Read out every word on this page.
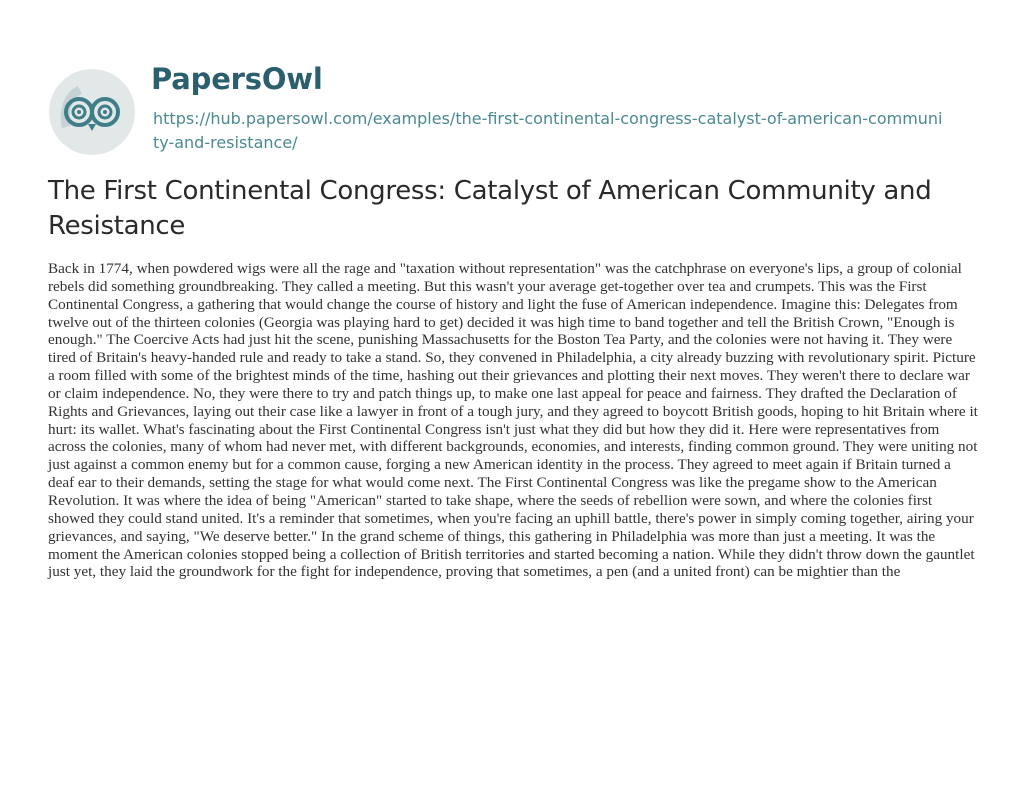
PapersOwl
https://hub.papersowl.com/examples/the-first-continental-congress-catalyst-of-american-community-and-resistance/
The First Continental Congress: Catalyst of American Community and Resistance

Back in 1774, when powdered wigs were all the rage and "taxation without representation" was the catchphrase on everyone's lips, a group of colonial rebels did something groundbreaking. They called a meeting. But this wasn't your average get-together over tea and crumpets. This was the First Continental Congress, a gathering that would change the course of history and light the fuse of American independence. Imagine this: Delegates from twelve out of the thirteen colonies (Georgia was playing hard to get) decided it was high time to band together and tell the British Crown, "Enough is enough." The Coercive Acts had just hit the scene, punishing Massachusetts for the Boston Tea Party, and the colonies were not having it. They were tired of Britain's heavy-handed rule and ready to take a stand. So, they convened in Philadelphia, a city already buzzing with revolutionary spirit. Picture a room filled with some of the brightest minds of the time, hashing out their grievances and plotting their next moves. They weren't there to declare war or claim independence. No, they were there to try and patch things up, to make one last appeal for peace and fairness. They drafted the Declaration of Rights and Grievances, laying out their case like a lawyer in front of a tough jury, and they agreed to boycott British goods, hoping to hit Britain where it hurt: its wallet. What's fascinating about the First Continental Congress isn't just what they did but how they did it. Here were representatives from across the colonies, many of whom had never met, with different backgrounds, economies, and interests, finding common ground. They were uniting not just against a common enemy but for a common cause, forging a new American identity in the process. They agreed to meet again if Britain turned a deaf ear to their demands, setting the stage for what would come next. The First Continental Congress was like the pregame show to the American Revolution. It was where the idea of being "American" started to take shape, where the seeds of rebellion were sown, and where the colonies first showed they could stand united. It's a reminder that sometimes, when you're facing an uphill battle, there's power in simply coming together, airing your grievances, and saying, "We deserve better." In the grand scheme of things, this gathering in Philadelphia was more than just a meeting. It was the moment the American colonies stopped being a collection of British territories and started becoming a nation. While they didn't throw down the gauntlet just yet, they laid the groundwork for the fight for independence, proving that sometimes, a pen (and a united front) can be mightier than the
